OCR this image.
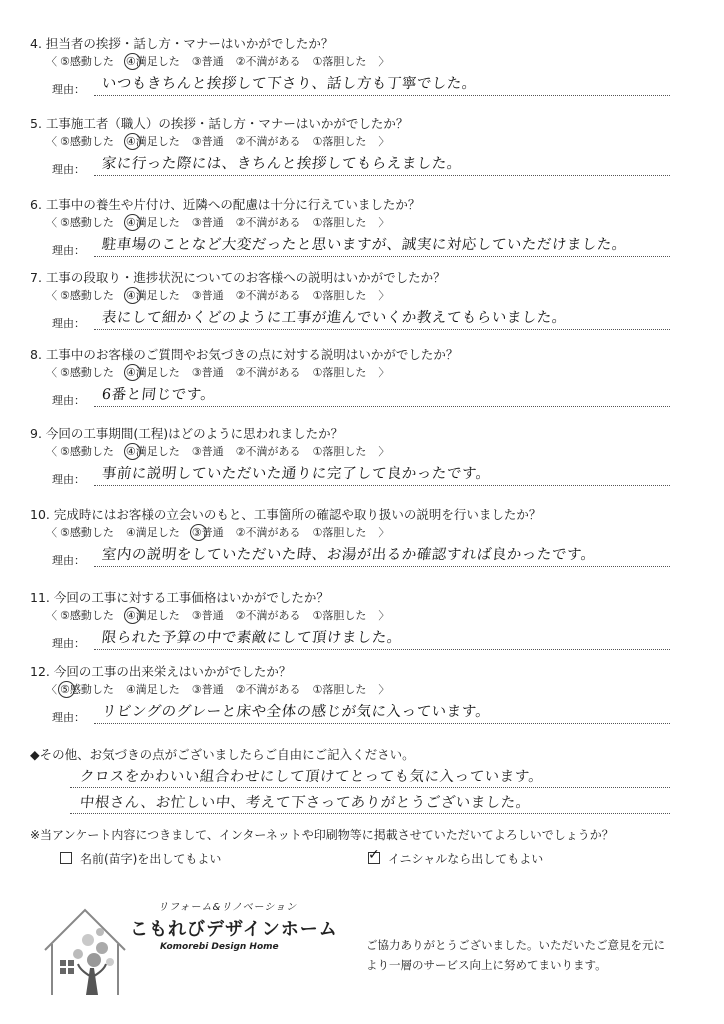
4. 担当者の挨拶・話し方・マナーはいかがでしたか？
〈 ⑤感動した ④満足した ③普通 ②不満がある ①落胆した 〉
理由： いつもきちんと挨拶して下さり、話し方も丁寧でした。
5. 工事施工者（職人）の挨拶・話し方・マナーはいかがでしたか？
〈 ⑤感動した ④満足した ③普通 ②不満がある ①落胆した 〉
理由： 家に行った際には、きちんと挨拶してもらえました。
6. 工事中の養生や片付け、近隣への配慮は十分に行えていましたか？
〈 ⑤感動した ④満足した ③普通 ②不満がある ①落胆した 〉
理由： 駐車場のことなど大変だったと思いますが、誠実に対応していただけました。
7. 工事の段取り・進捗状況についてのお客様への説明はいかがでしたか？
〈 ⑤感動した ④満足した ③普通 ②不満がある ①落胆した 〉
理由： 表にして細かくどのように工事が進んでいくか教えてもらいました。
8. 工事中のお客様のご質問やお気づきの点に対する説明はいかがでしたか？
〈 ⑤感動した ④満足した ③普通 ②不満がある ①落胆した 〉
理由： 6番と同じです。
9. 今回の工事期間(工程)はどのように思われましたか？
〈 ⑤感動した ④満足した ③普通 ②不満がある ①落胆した 〉
理由： 事前に説明していただいた通りに完了して良かったです。
10. 完成時にはお客様の立会いのもと、工事箇所の確認や取り扱いの説明を行いましたか？
〈 ⑤感動した ④満足した ③普通 ②不満がある ①落胆した 〉
理由： 室内の説明をしていただいた時、お湯が出るか確認すれば良かったです。
11. 今回の工事に対する工事価格はいかがでしたか？
〈 ⑤感動した ④満足した ③普通 ②不満がある ①落胆した 〉
理由： 限られた予算の中で素敵にして頂けました。
12. 今回の工事の出来栄えはいかがでしたか？
〈 ⑤感動した ④満足した ③普通 ②不満がある ①落胆した 〉
理由： リビングのグレーと床や全体の感じが気に入っています。
◆その他、お気づきの点がございましたらご自由にご記入ください。
クロスをかわいい組合わせにして頂けてとっても気に入っています。
中根さん、お忙しい中、考えて下さってありがとうございました。
※当アンケート内容につきまして、インターネットや印刷物等に掲載させていただいてよろしいでしょうか？
名前(苗字)を出してもよい	✓ イニシャルなら出してもよい
リフォーム&リノベーション
こもれびデザインホーム
Komorebi Design Home	ご協力ありがとうございました。いただいたご意見を元に
より一層のサービス向上に努めてまいります。
